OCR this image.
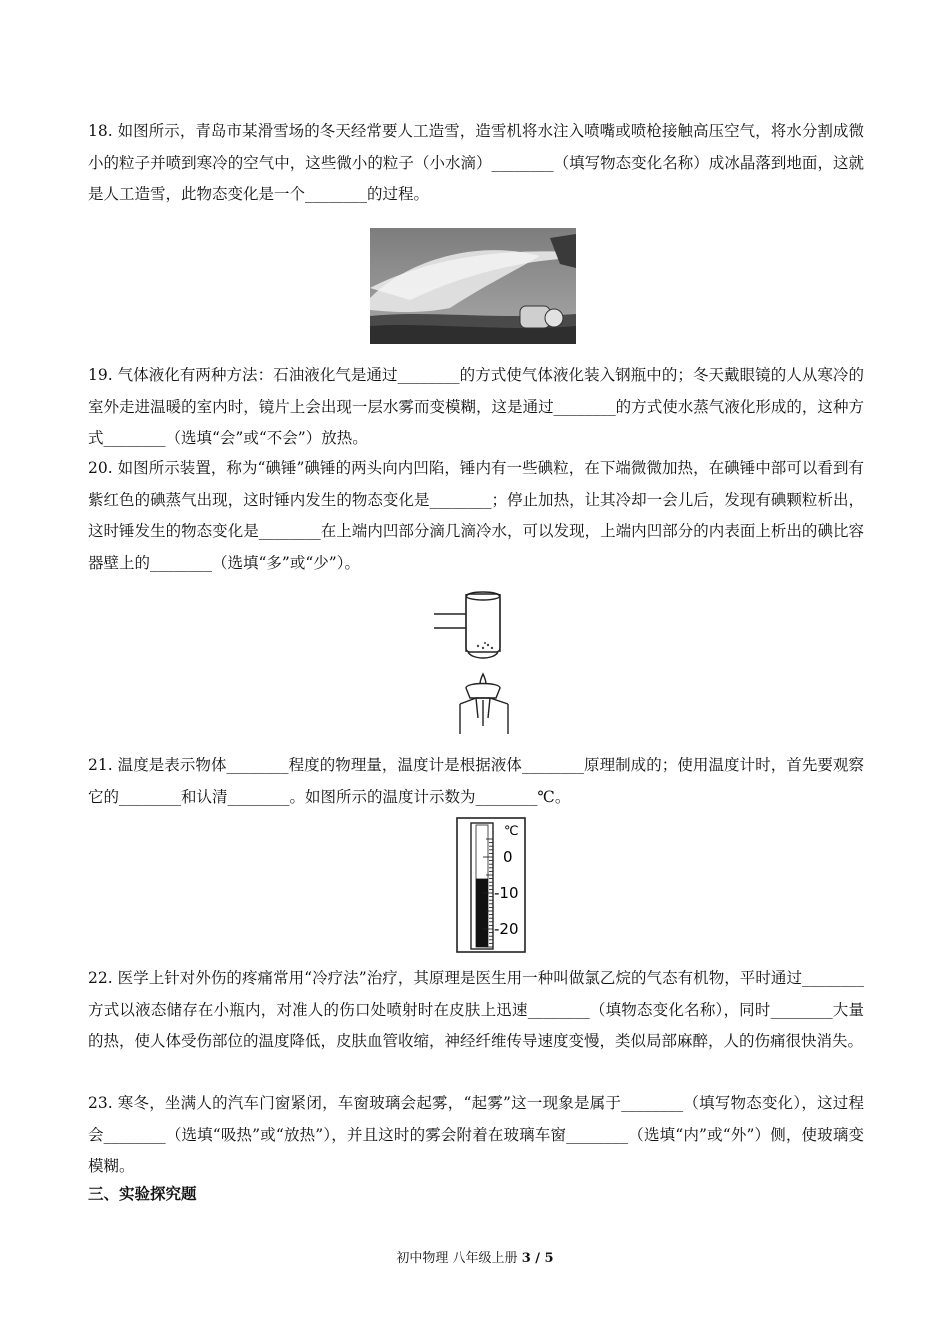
18. 如图所示，青岛市某滑雪场的冬天经常要人工造雪，造雪机将水注入喷嘴或喷枪接触高压空气，将水分割成微小的粒子并喷到寒冷的空气中，这些微小的粒子（小水滴）________（填写物态变化名称）成冰晶落到地面，这就是人工造雪，此物态变化是一个________的过程。

19. 气体液化有两种方法：石油液化气是通过________的方式使气体液化装入钢瓶中的；冬天戴眼镜的人从寒冷的室外走进温暖的室内时，镜片上会出现一层水雾而变模糊，这是通过________的方式使水蒸气液化形成的，这种方式________（选填“会”或“不会”）放热。

20. 如图所示装置，称为“碘锤”碘锤的两头向内凹陷，锤内有一些碘粒，在下端微微加热，在碘锤中部可以看到有紫红色的碘蒸气出现，这时锤内发生的物态变化是________；停止加热，让其冷却一会儿后，发现有碘颗粒析出，这时锤发生的物态变化是________在上端内凹部分滴几滴冷水，可以发现，上端内凹部分的内表面上析出的碘比容器壁上的________（选填“多”或“少”）。

21. 温度是表示物体________程度的物理量，温度计是根据液体________原理制成的；使用温度计时，首先要观察它的________和认清________。如图所示的温度计示数为________℃。

℃
0
-10
-20

22. 医学上针对外伤的疼痛常用“冷疗法”治疗，其原理是医生用一种叫做氯乙烷的气态有机物，平时通过________方式以液态储存在小瓶内，对准人的伤口处喷射时在皮肤上迅速________（填物态变化名称），同时________大量的热，使人体受伤部位的温度降低，皮肤血管收缩，神经纤维传导速度变慢，类似局部麻醉，人的伤痛很快消失。

23. 寒冬，坐满人的汽车门窗紧闭，车窗玻璃会起雾，“起雾”这一现象是属于________（填写物态变化），这过程会________（选填“吸热”或“放热”），并且这时的雾会附着在玻璃车窗________（选填“内”或“外”）侧，使玻璃变模糊。

三、实验探究题

初中物理 八年级上册 3 / 5
